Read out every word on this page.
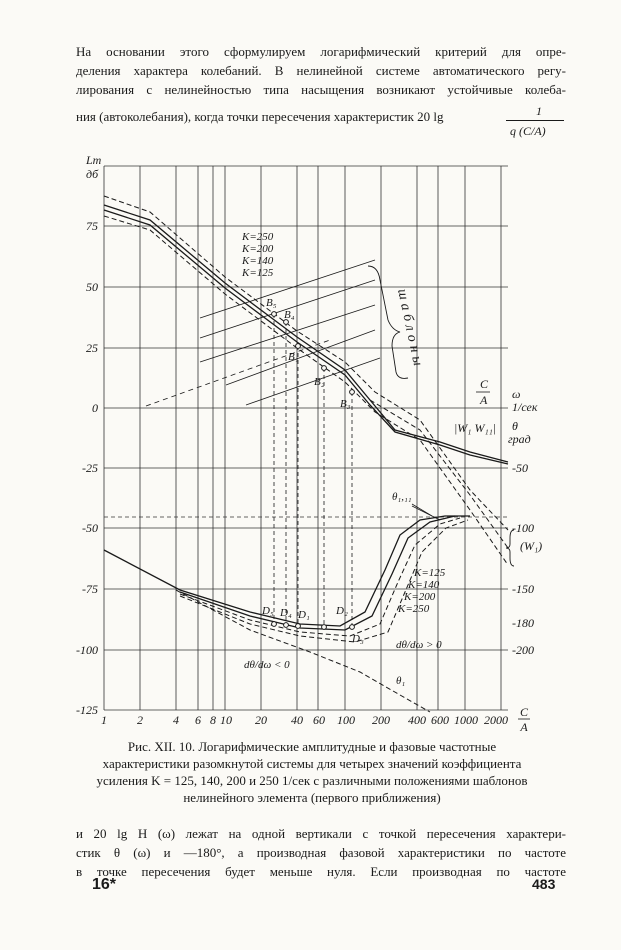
На основании этого сформулируем логарифмический критерий для опре-
деления характера колебаний. В нелинейной системе автоматического регу-
лирования с нелинейностью типа насыщения возникают устойчивые колеба-
ния (автоколебания), когда точки пересечения характеристик 20 lg	1
q (C/A)
Lm
дб
75
50
25
0
-25
-50
-75
-100
-125
1	2	4 6 8 10 20 40 60 100 200 400 600 1000 2000
C
A
ω
1/сек
θ
град
-50
-100
-150
-180
-200
(W₁)
шаблоны
B₅
B₄
B₁
B₂
B₃
K=250
K=200
K=140
K=125
C
A
|W₁ W₁₁|
D₅ D₄ D₁ D₂
D₃
K=125
K=140
K=200
K=250
θ₁,₁₁
θ₁
dθ/dω < 0
dθ/dω > 0
Рис. XII. 10. Логарифмические амплитудные и фазовые частотные характеристики разомкнутой системы для четырех значений коэффициента усиления K = 125, 140, 200 и 250 1/сек с различными положениями шаблонов нелинейного элемента (первого приближения)
и 20 lg H (ω) лежат на одной вертикали с точкой пересечения характери-
стик θ (ω) и —180°, а производная фазовой характеристики по частоте
в точке пересечения будет меньше нуля. Если производная по частоте
16*	483
